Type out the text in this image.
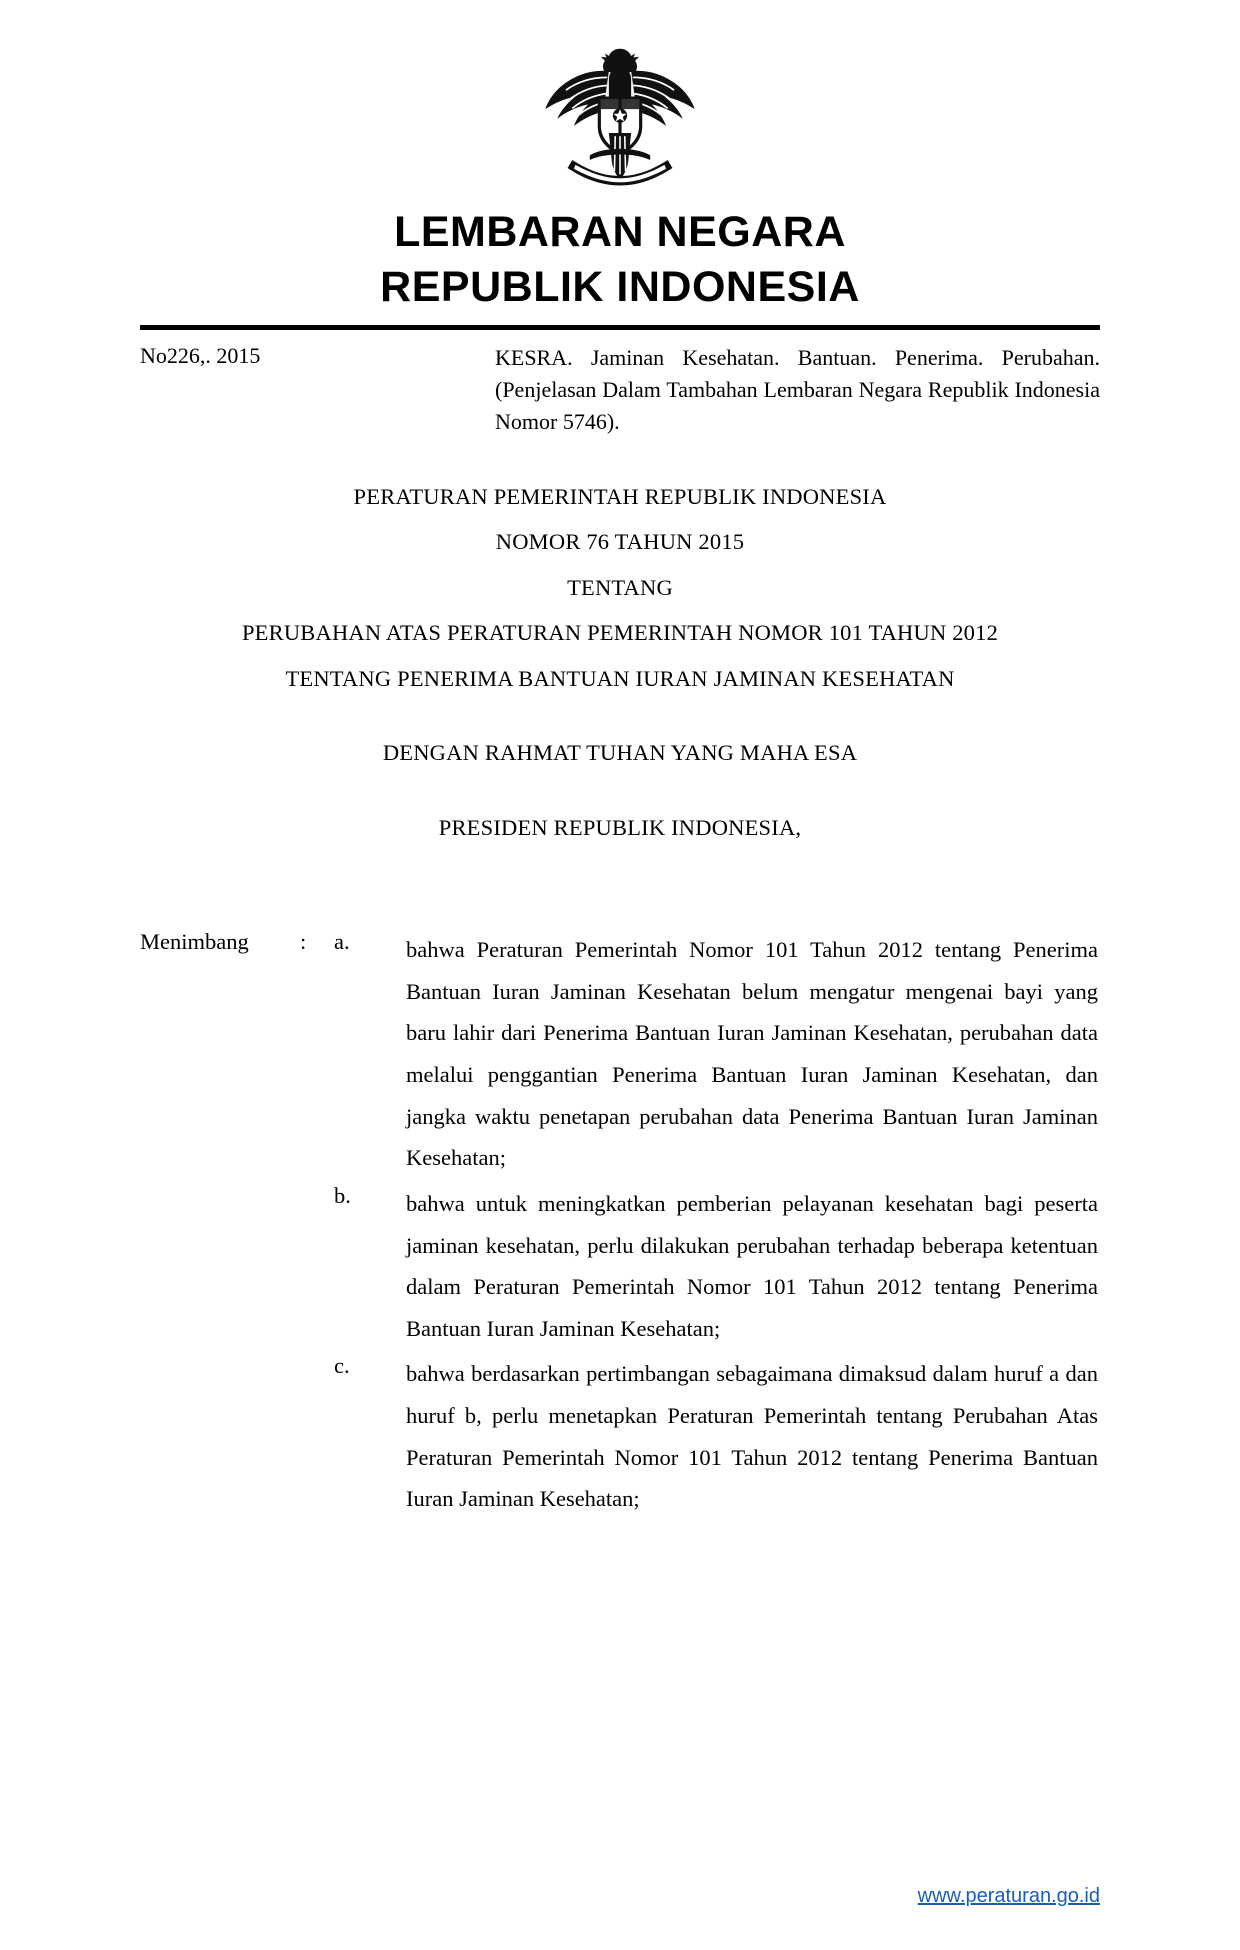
LEMBARAN NEGARA
REPUBLIK INDONESIA
No226,. 2015	KESRA. Jaminan Kesehatan. Bantuan. Penerima. Perubahan. (Penjelasan Dalam Tambahan Lembaran Negara Republik Indonesia Nomor 5746).
PERATURAN PEMERINTAH REPUBLIK INDONESIA
NOMOR 76 TAHUN 2015
TENTANG
PERUBAHAN ATAS PERATURAN PEMERINTAH NOMOR 101 TAHUN 2012
TENTANG PENERIMA BANTUAN IURAN JAMINAN KESEHATAN
DENGAN RAHMAT TUHAN YANG MAHA ESA
PRESIDEN REPUBLIK INDONESIA,
Menimbang	:	a.	bahwa Peraturan Pemerintah Nomor 101 Tahun 2012 tentang Penerima Bantuan Iuran Jaminan Kesehatan belum mengatur mengenai bayi yang baru lahir dari Penerima Bantuan Iuran Jaminan Kesehatan, perubahan data melalui penggantian Penerima Bantuan Iuran Jaminan Kesehatan, dan jangka waktu penetapan perubahan data Penerima Bantuan Iuran Jaminan Kesehatan;
b.	bahwa untuk meningkatkan pemberian pelayanan kesehatan bagi peserta jaminan kesehatan, perlu dilakukan perubahan terhadap beberapa ketentuan dalam Peraturan Pemerintah Nomor 101 Tahun 2012 tentang Penerima Bantuan Iuran Jaminan Kesehatan;
c.	bahwa berdasarkan pertimbangan sebagaimana dimaksud dalam huruf a dan huruf b, perlu menetapkan Peraturan Pemerintah tentang Perubahan Atas Peraturan Pemerintah Nomor 101 Tahun 2012 tentang Penerima Bantuan Iuran Jaminan Kesehatan;
www.peraturan.go.id
